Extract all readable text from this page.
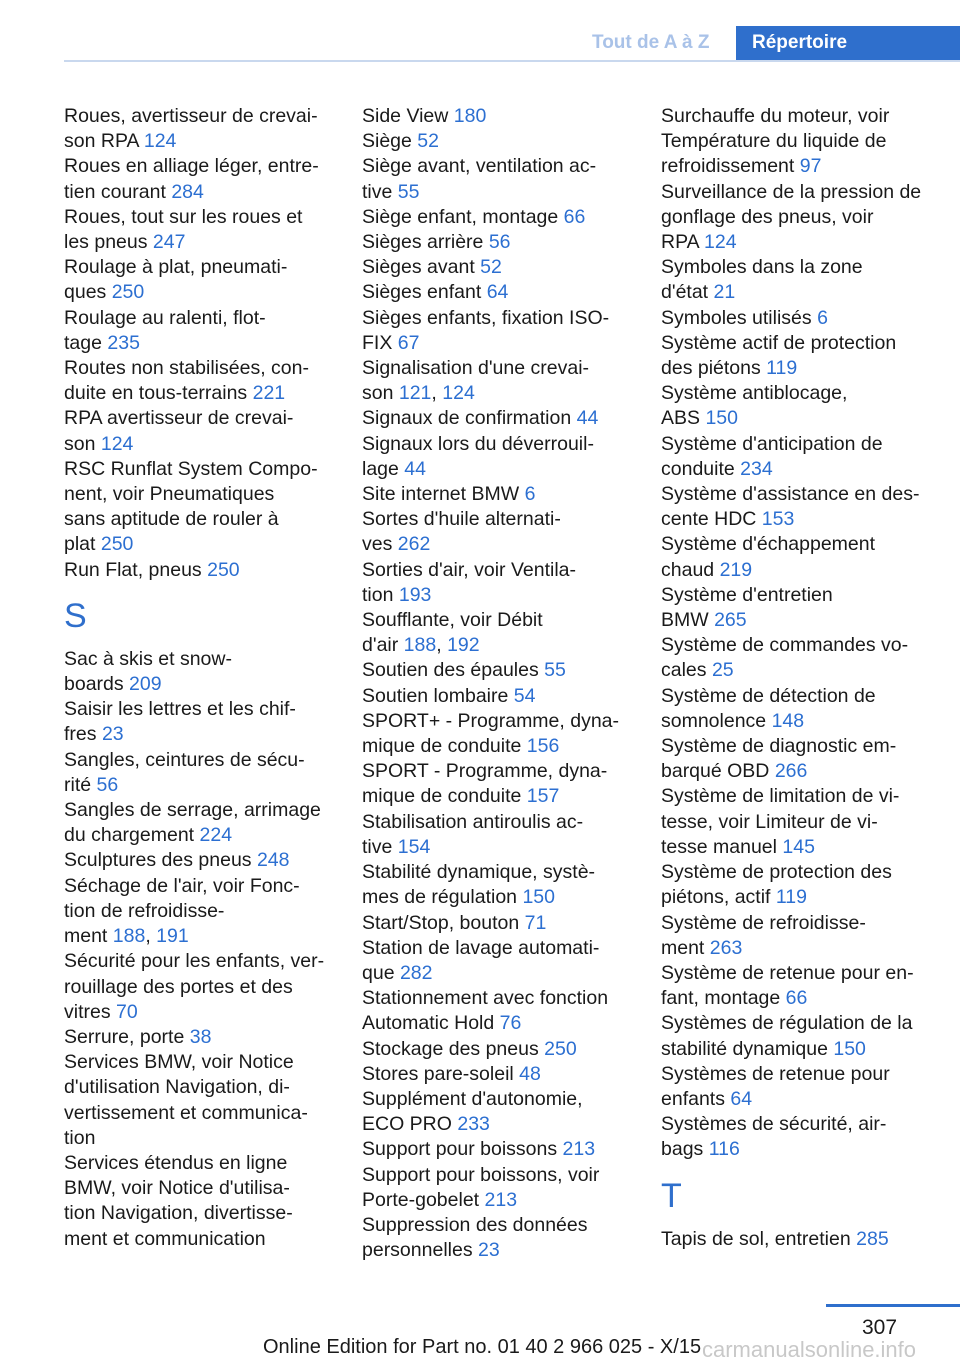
Tout de A à Z	Répertoire
Roues, avertisseur de crevai-
son RPA 124
Roues en alliage léger, entre-
tien courant 284
Roues, tout sur les roues et
les pneus 247
Roulage à plat, pneumati-
ques 250
Roulage au ralenti, flot-
tage 235
Routes non stabilisées, con-
duite en tous-terrains 221
RPA avertisseur de crevai-
son 124
RSC Runflat System Compo-
nent, voir Pneumatiques
sans aptitude de rouler à
plat 250
Run Flat, pneus 250
S
Sac à skis et snow-
boards 209
Saisir les lettres et les chif-
fres 23
Sangles, ceintures de sécu-
rité 56
Sangles de serrage, arrimage
du chargement 224
Sculptures des pneus 248
Séchage de l'air, voir Fonc-
tion de refroidisse-
ment 188, 191
Sécurité pour les enfants, ver-
rouillage des portes et des
vitres 70
Serrure, porte 38
Services BMW, voir Notice
d'utilisation Navigation, di-
vertissement et communica-
tion
Services étendus en ligne
BMW, voir Notice d'utilisa-
tion Navigation, divertisse-
ment et communication
Side View 180
Siège 52
Siège avant, ventilation ac-
tive 55
Siège enfant, montage 66
Sièges arrière 56
Sièges avant 52
Sièges enfant 64
Sièges enfants, fixation ISO-
FIX 67
Signalisation d'une crevai-
son 121, 124
Signaux de confirmation 44
Signaux lors du déverrouil-
lage 44
Site internet BMW 6
Sortes d'huile alternati-
ves 262
Sorties d'air, voir Ventila-
tion 193
Soufflante, voir Débit
d'air 188, 192
Soutien des épaules 55
Soutien lombaire 54
SPORT+ - Programme, dyna-
mique de conduite 156
SPORT - Programme, dyna-
mique de conduite 157
Stabilisation antiroulis ac-
tive 154
Stabilité dynamique, systè-
mes de régulation 150
Start/Stop, bouton 71
Station de lavage automati-
que 282
Stationnement avec fonction
Automatic Hold 76
Stockage des pneus 250
Stores pare-soleil 48
Supplément d'autonomie,
ECO PRO 233
Support pour boissons 213
Support pour boissons, voir
Porte-gobelet 213
Suppression des données
personnelles 23
Surchauffe du moteur, voir
Température du liquide de
refroidissement 97
Surveillance de la pression de
gonflage des pneus, voir
RPA 124
Symboles dans la zone
d'état 21
Symboles utilisés 6
Système actif de protection
des piétons 119
Système antiblocage,
ABS 150
Système d'anticipation de
conduite 234
Système d'assistance en des-
cente HDC 153
Système d'échappement
chaud 219
Système d'entretien
BMW 265
Système de commandes vo-
cales 25
Système de détection de
somnolence 148
Système de diagnostic em-
barqué OBD 266
Système de limitation de vi-
tesse, voir Limiteur de vi-
tesse manuel 145
Système de protection des
piétons, actif 119
Système de refroidisse-
ment 263
Système de retenue pour en-
fant, montage 66
Systèmes de régulation de la
stabilité dynamique 150
Systèmes de retenue pour
enfants 64
Systèmes de sécurité, air-
bags 116
T
Tapis de sol, entretien 285
307
Online Edition for Part no. 01 40 2 966 025 - X/15 carmanualsonline.info
